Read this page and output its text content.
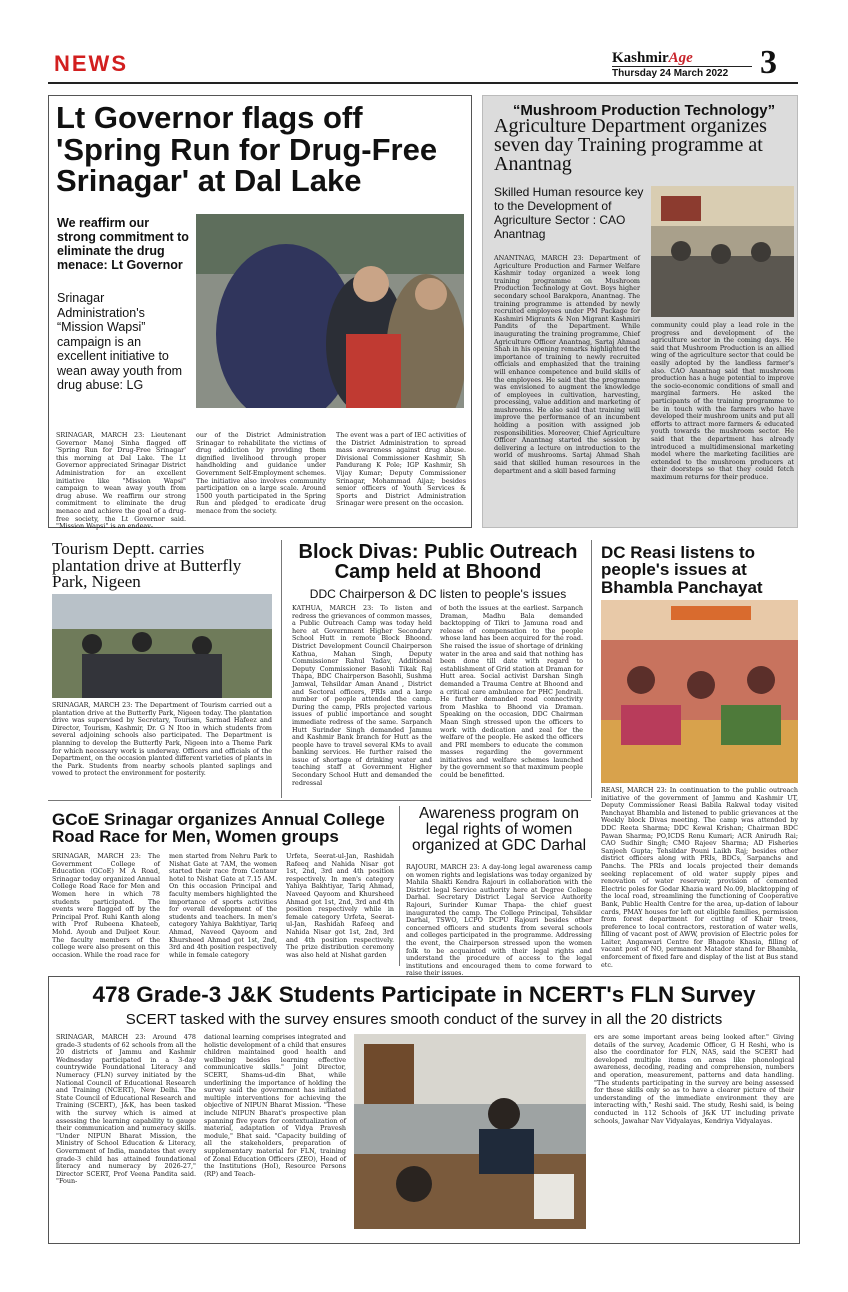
NEWS	KashmirAge
Thursday 24 March 2022 3
Lt Governor flags off 'Spring Run for Drug-Free Srinagar' at Dal Lake
We reaffirm our strong commitment to eliminate the drug menace: Lt Governor
Srinagar Administration's “Mission Wapsi” campaign is an excellent initiative to wean away youth from drug abuse: LG
SRINAGAR, MARCH 23: Lieutenant Governor Manoj Sinha flagged off 'Spring Run for Drug-Free Srinagar' this morning at Dal Lake. The Lt Governor appreciated Srinagar District Administration for an excellent initiative like "Mission Wapsi" campaign to wean away youth from drug abuse. We reaffirm our strong commitment to eliminate the drug menace and achieve the goal of a drug-free society, the Lt Governor said. "Mission Wapsi" is an endeav-
our of the District Administration Srinagar to rehabilitate the victims of drug addiction by providing them dignified livelihood through proper handholding and guidance under Government Self-Employment schemes. The initiative also involves community participation on a large scale. Around 1500 youth participated in the Spring Run and pledged to eradicate drug menace from the society.
The event was a part of IEC activities of the District Administration to spread mass awareness against drug abuse. Divisional Commissioner Kashmir, Sh Pandurang K Pole; IGP Kashmir, Sh Vijay Kumar; Deputy Commissioner Srinagar, Mohammad Aijaz; besides senior officers of Youth Services & Sports and District Administration Srinagar were present on the occasion.
“Mushroom Production Technology”
Agriculture Department organizes seven day Training programme at Anantnag
Skilled Human resource key to the Development of Agriculture Sector : CAO Anantnag
ANANTNAG, MARCH 23: Department of Agriculture Production and Farmer Welfare Kashmir today organized a week long training programme on Mushroom Production Technology at Govt. Boys higher secondary school Barakpora, Anantnag. The training programme is attended by newly recruited employees under PM Package for Kashmiri Migrants & Non Migrant Kashmiri Pandits of the Department. While inaugurating the training programme, Chief Agriculture Officer Anantnag, Sartaj Ahmad Shah in his opening remarks highlighted the importance of training to newly recruited officials and emphasized that the training will enhance competence and build skills of the employees. He said that the programme was envisioned to augment the knowledge of employees in cultivation, harvesting, processing, value addition and marketing of mushrooms. He also said that training will improve the performance of an incumbent holding a position with assigned job responsibilities. Moreover, Chief Agriculture Officer Anantnag started the session by delivering a lecture on introduction to the world of mushrooms. Sartaj Ahmad Shah said that skilled human resources in the department and a skill based farming
community could play a lead role in the progress and development of the agriculture sector in the coming days. He said that Mushroom Production is an allied wing of the agriculture sector that could be easily adopted by the landless farmer's also. CAO Anantnag said that mushroom production has a huge potential to improve the socio-economic conditions of small and marginal farmers. He asked the participants of the training programme to be in touch with the farmers who have developed their mushroom units and put all efforts to attract more farmers & educated youth towards the mushroom sector. He said that the department has already introduced a multidimensional marketing model where the marketing facilities are extended to the mushroom producers at their doorsteps so that they could fetch maximum returns for their produce.
Tourism Deptt. carries plantation drive at Butterfly Park, Nigeen
SRINAGAR, MARCH 23: The Department of Tourism carried out a plantation drive at the Butterfly Park, Nigeen today. The plantation drive was supervised by Secretary, Tourism, Sarmad Hafeez and Director, Tourism, Kashmir, Dr. G N Itoo in which students from several adjoining schools also participated. The Department is planning to develop the Butterfly Park, Nigeen into a Theme Park for which necessary work is underway. Officers and officials of the Department, on the occasion planted different varieties of plants in the Park. Students from nearby schools planted saplings and vowed to protect the environment for posterity.
Block Divas: Public Outreach Camp held at Bhoond
DDC Chairperson & DC listen to people's issues
KATHUA, MARCH 23: To listen and redress the grievances of common masses, a Public Outreach Camp was today held here at Government Higher Secondary School Hutt in remote Block Bhoond. District Development Council Chairperson Kathua, Mahan Singh, Deputy Commissioner Rahul Yadav, Additional Deputy Commissioner Basohli Tikak Raj Thapa, BDC Chairperson Basohli, Sushma Jamwal, Tehsildar Aman Anand , District and Sectoral officers, PRIs and a large number of people attended the camp. During the camp, PRIs projected various issues of public importance and sought immediate redress of the same. Sarpanch Hutt Surinder Singh demanded Jammu and Kashmir Bank branch for Hutt as the people have to travel several KMs to avail banking services. He further raised the issue of shortage of drinking water and teaching staff at Government Higher Secondary School Hutt and demanded the redressal
of both the issues at the earliest. Sarpanch Draman, Madhu Bala demanded backtopping of Tikri to Jamuna road and release of compensation to the people whose land has been acquired for the road. She raised the issue of shortage of drinking water in the area and said that nothing has been done till date with regard to establishment of Grid station at Draman for Hutt area. Social activist Darshan Singh demanded a Trauma Centre at Bhoond and a critical care ambulance for PHC Jendrali. He further demanded road connectivity from Mashka to Bhoond via Draman. Speaking on the occasion, DDC Chairman Maan Singh stressed upon the officers to work with dedication and zeal for the welfare of the people. He asked the officers and PRI members to educate the common masses regarding the government initiatives and welfare schemes launched by the government so that maximum people could be benefitted.
DC Reasi listens to people's issues at Bhambla Panchayat
REASI, MARCH 23: In continuation to the public outreach initiative of the government of Jammu and Kashmir UT, Deputy Commissioner Reasi Babila Rakwal today visited Panchayat Bhambla and listened to public grievances at the Weekly block Divas meeting. The camp was attended by DDC Reeta Sharma; DDC Kewal Krishan; Chairman BDC Pawan Sharma; PO,ICDS Renu Kumari; ACR Anirudh Rai; CAO Sudhir Singh; CMO Rajeev Sharma; AD Fisheries Sanjeeh Gupta; Tehsildar Pouni Laikh Raj; besides other district officers along with PRIs, BDCs, Sarpanchs and Panchs. The PRIs and locals projected their demands seeking replacement of old water supply pipes and renovation of water reservoir, provision of cemented Electric poles for Godar Khazia ward No.09, blacktopping of the local road, streamlining the functioning of Cooperative Bank, Public Health Centre for the area, up-dation of labour cards, PMAY houses for left out eligible families, permission from forest department for cutting of Khair trees, preference to local contractors, restoration of water wells, filling of vacant post of AWW, provision of Electric poles for Laiter, Anganwari Centre for Bhagote Khasia, filling of vacant post of NO, permanent Matador stand for Bhambla, enforcement of fixed fare and display of the list at Bus stand etc.
GCoE Srinagar organizes Annual College Road Race for Men, Women groups
SRINAGAR, MARCH 23: The Government College of Education (GCoE) M A Road, Srinagar today organized Annual College Road Race for Men and Women here in which 78 students participated. The events were flagged off by the Principal Prof. Ruhi Kanth along with Prof Rubeena Khateeb, Mohd. Ayoub and Duljeet Kour. The faculty members of the college were also present on this occasion. While the road race for
men started from Nehru Park to Nishat Gate at 7AM, the women started their race from Centaur hotel to Nishat Gate at 7.15 AM. On this occasion Principal and faculty members highlighted the importance of sports activities for overall development of the students and teachers. In men's category Yahiya Bakhtiyar, Tariq Ahmad, Naveed Qayoom and Khursheed Ahmad got 1st, 2nd, 3rd and 4th position respectively while in female category
Urfeta, Seerat-ul-Jan, Rashidah Rafeeq and Nahida Nisar got 1st, 2nd, 3rd and 4th position respectively. In men's category Yahiya Bakhtiyar, Tariq Ahmad, Naveed Qayoom and Khursheed Ahmad got 1st, 2nd, 3rd and 4th position respectively while in female category Urfeta, Seerat-ul-Jan, Rashidah Rafeeq and Nahida Nisar got 1st, 2nd, 3rd and 4th position respectively. The prize distribution ceremony was also held at Nishat garden
Awareness program on legal rights of women organized at GDC Darhal
RAJOURI, MARCH 23: A day-long legal awareness camp on women rights and legislations was today organized by Mahila Shakti Kendra Rajouri in collaboration with the District legal Service authority here at Degree College Darhal. Secretary District Legal Service Authority Rajouri, Surinder Kumar Thapa- the chief guest inaugurated the camp. The College Principal, Tehsildar Darhal, TSWO, LCPO DCPU Rajouri besides other concerned officers and students from several schools and colleges participated in the programme. Addressing the event, the Chairperson stressed upon the women folk to be acquainted with their legal rights and understand the procedure of access to the legal institutions and encouraged them to come forward to raise their issues.
478 Grade-3 J&K Students Participate in NCERT's FLN Survey
SCERT tasked with the survey ensures smooth conduct of the survey in all the 20 districts
SRINAGAR, MARCH 23: Around 478 grade-3 students of 62 schools from all the 20 districts of Jammu and Kashmir Wednesday participated in a 3-day countrywide Foundational Literacy and Numeracy (FLN) survey initiated by the National Council of Educational Research and Training (NCERT), New Delhi. The State Council of Educational Research and Training (SCERT), J&K, has been tasked with the survey which is aimed at assessing the learning capability to gauge their communication and numeracy skills. "Under NIPUN Bharat Mission, the Ministry of School Education & Literacy, Government of India, mandates that every grade-3 child has attained foundational literacy and numeracy by 2026-27," Director SCERT, Prof Veena Pandita said. "Foun-
dational learning comprises integrated and holistic development of a child that ensures children maintained good health and wellbeing besides learning effective communicative skills." Joint Director, SCERT, Shams-ud-din Bhat, while underlining the importance of holding the survey said the government has initiated multiple interventions for achieving the objective of NIPUN Bharat Mission. "These include NIPUN Bharat's prospective plan spanning five years for contextualization of material, adaptation of Vidya Pravesh module," Bhat said. "Capacity building of all the stakeholders, preparation of supplementary material for FLN, training of Zonal Education Officers (ZEO), Head of the Institutions (HoI), Resource Persons (RP) and Teach-
ers are some important areas being looked after." Giving details of the survey, Academic Officer, G H Reshi, who is also the coordinator for FLN, NAS, said the SCERT had developed multiple items on areas like phonological awareness, decoding, reading and comprehension, numbers and operation, measurement, patterns and data handling. "The students participating in the survey are being assessed for these skills only so as to have a clearer picture of their understanding of the immediate environment they are interacting with," Reshi said. The study, Reshi said, is being conducted in 112 Schools of J&K UT including private schools, Jawahar Nav Vidyalayas, Kendriya Vidyalayas.
